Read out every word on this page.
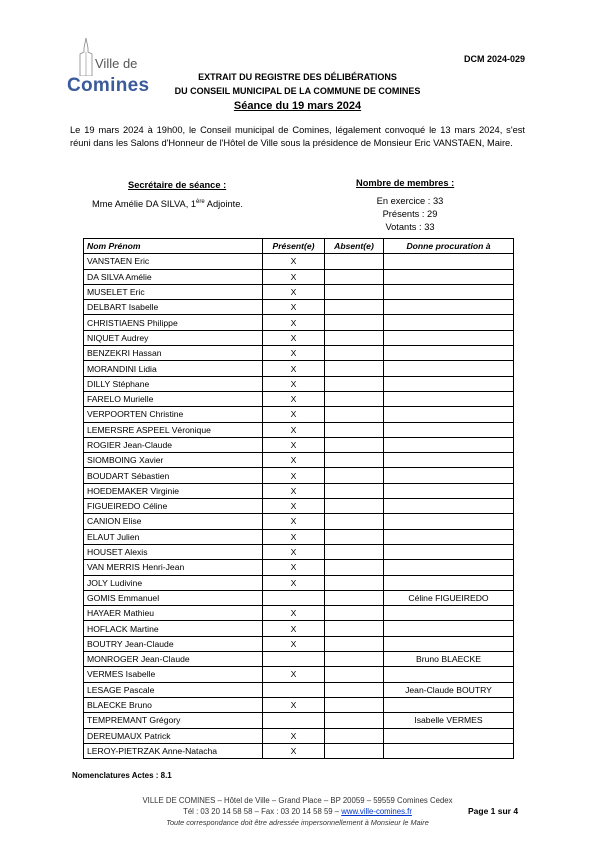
Ville de
Comines
DCM 2024-029
EXTRAIT DU REGISTRE DES DÉLIBÉRATIONS
DU CONSEIL MUNICIPAL DE LA COMMUNE DE COMINES
Séance du 19 mars 2024
Le 19 mars 2024 à 19h00, le Conseil municipal de Comines, légalement convoqué le 13 mars 2024, s'est réuni dans les Salons d'Honneur de l'Hôtel de Ville sous la présidence de Monsieur Eric VANSTAEN, Maire.
Secrétaire de séance :
Mme Amélie DA SILVA, 1ère Adjointe.
Nombre de membres :
En exercice : 33
Présents : 29
Votants : 33
Nom Prénom	Présent(e)	Absent(e)	Donne procuration à
VANSTAEN Eric	X		
DA SILVA Amélie	X		
MUSELET Eric	X		
DELBART Isabelle	X		
CHRISTIAENS Philippe	X		
NIQUET Audrey	X		
BENZEKRI Hassan	X		
MORANDINI Lidia	X		
DILLY Stéphane	X		
FARELO Murielle	X		
VERPOORTEN Christine	X		
LEMERSRE ASPEEL Véronique	X		
ROGIER Jean-Claude	X		
SIOMBOING Xavier	X		
BOUDART Sébastien	X		
HOEDEMAKER Virginie	X		
FIGUEIREDO Céline	X		
CANION Elise	X		
ELAUT Julien	X		
HOUSET Alexis	X		
VAN MERRIS Henri-Jean	X		
JOLY Ludivine	X		
GOMIS Emmanuel			Céline FIGUEIREDO
HAYAER Mathieu	X		
HOFLACK Martine	X		
BOUTRY Jean-Claude	X		
MONROGER Jean-Claude			Bruno BLAECKE
VERMES Isabelle	X		
LESAGE Pascale			Jean-Claude BOUTRY
BLAECKE Bruno	X		
TEMPREMANT Grégory			Isabelle VERMES
DEREUMAUX Patrick	X		
LEROY-PIETRZAK Anne-Natacha	X		
Nomenclatures Actes : 8.1
VILLE DE COMINES – Hôtel de Ville – Grand Place – BP 20059 – 59559 Comines Cedex
Tél : 03 20 14 58 58 – Fax : 03 20 14 58 59 – www.ville-comines.fr
Toute correspondance doit être adressée impersonnellement à Monsieur le Maire
Page 1 sur 4
